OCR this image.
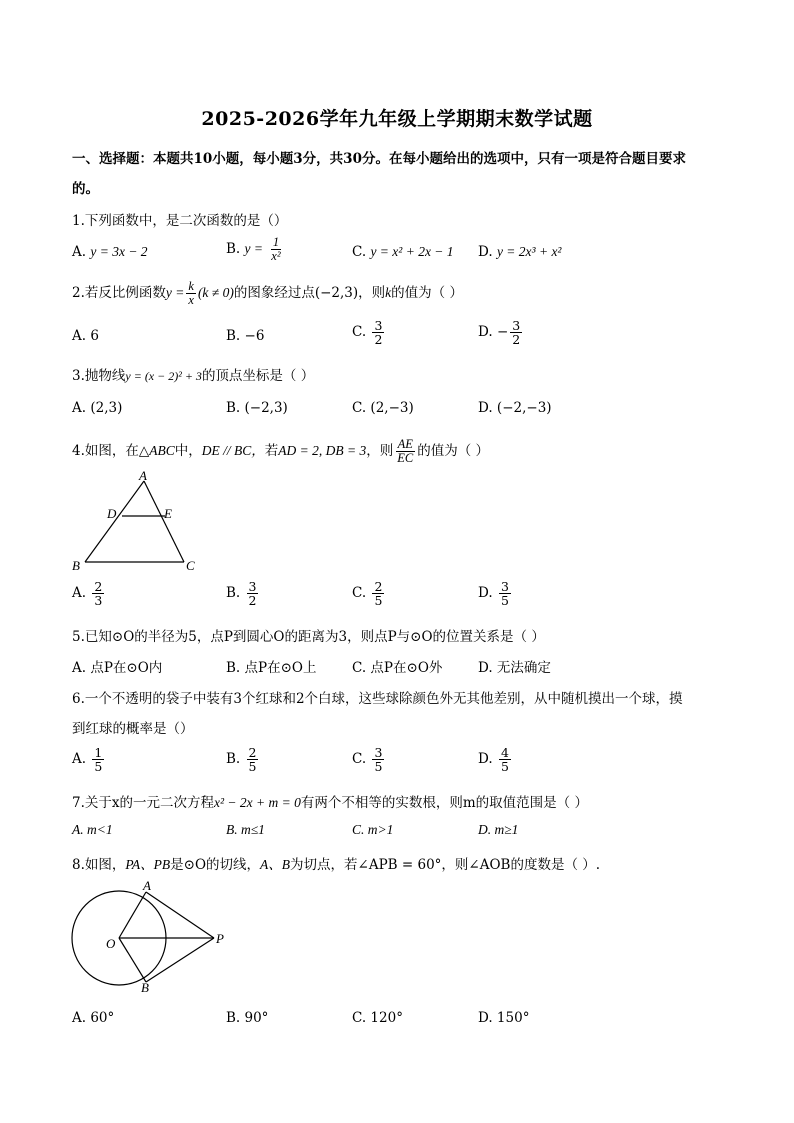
2025-2026学年九年级上学期期末数学试题
一、选择题：本题共10小题，每小题3分，共30分。在每小题给出的选项中，只有一项是符合题目要求
的。
1.下列函数中，是二次函数的是（）
A. y = 3x − 2	B. $y = \frac{1}{\text{x²}}$	C. y = x² + 2x − 1 D. y = 2x³ + x²
2.若反比例函数$y = \frac{k}{x} (k \ne 0)$的图象经过点(−2,3)，则k的值为（ ）
A. 6	B. −6	C. $\frac{3}{2}$	D. − $\frac{3}{2}$
3.抛物线y = (x − 2)² + 3的顶点坐标是（ ）
A. (2,3)	B. (−2,3)	C. (2,−3)	D. (−2,−3)
4.如图，在△ABC中，DE // BC，若AD = 2, DB = 3，则 $\frac{AE}{EC}$ 的值为（ ）
A
D	E
B	C
A. $\frac{2}{3}$	B. $\frac{3}{2}$	C. $\frac{2}{5}$	D. $\frac{3}{5}$
5.已知⊙O的半径为5，点P到圆心O的距离为3，则点P与⊙O的位置关系是（ ）
A. 点P在⊙O内	B. 点P在⊙O上	C. 点P在⊙O外	D. 无法确定
6.一个不透明的袋子中装有3个红球和2个白球，这些球除颜色外无其他差别，从中随机摸出一个球，摸
到红球的概率是（）
A. $\frac{1}{5}$	B. $\frac{2}{5}$	C. $\frac{3}{5}$	D. $\frac{4}{5}$
7.关于x的一元二次方程x² − 2x + m = 0有两个不相等的实数根，则m的取值范围是（ ）
A. m<1	B. m≤1	C. m>1	D. m≥1
8.如图，PA、PB是⊙O的切线，A、B为切点，若∠APB = 60°，则∠AOB的度数是（ ）.
A
O	P
B
A. 60°	B. 90°	C. 120°	D. 150°
